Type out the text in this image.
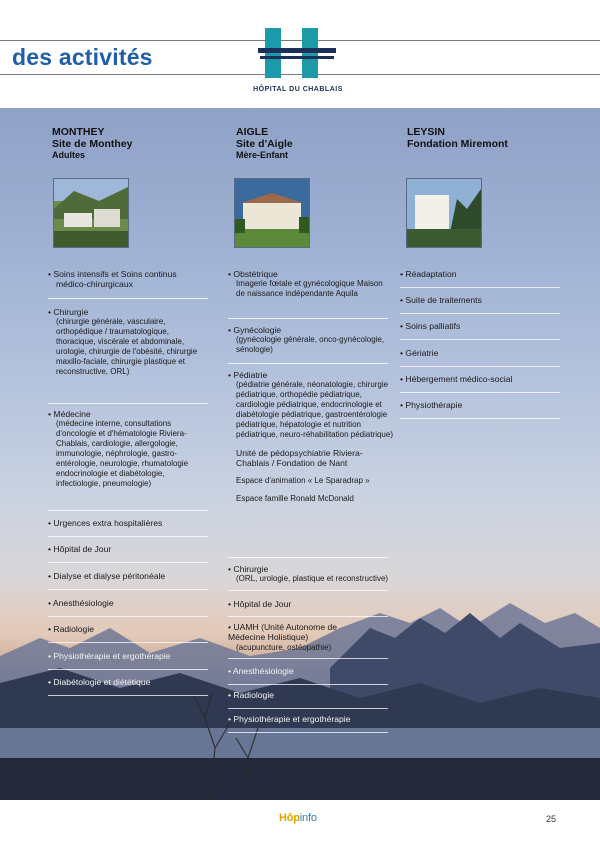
des activités
HÔPITAL DU CHABLAIS
MONTHEY
Site de Monthey
Adultes
AIGLE
Site d'Aigle
Mère-Enfant
LEYSIN
Fondation Miremont
• Soins intensifs et Soins continus
médico-chirurgicaux
• Chirurgie
(chirurgie générale, vasculaire, orthopédique / traumatologique, thoracique, viscérale et abdominale, urologie, chirurgie de l'obésité, chirurgie maxillo-faciale, chirurgie plastique et reconstructive, ORL)
• Médecine
(médecine interne, consultations d'oncologie et d'hématologie Riviera-Chablais, cardiologie, allergologie, immunologie, néphrologie, gastro-entérologie, neurologie, rhumatologie endocrinologie et diabétologie, infectiologie, pneumologie)
• Urgences extra hospitalières
• Hôpital de Jour
• Dialyse et dialyse péritonéale
• Anesthésiologie
• Radiologie
• Physiothérapie et ergothérapie
• Diabétologie et diététique
• Obstétrique
Imagerie fœtale et gynécologique Maison de naissance indépendante Aquila
• Gynécologie
(gynécologie générale, onco-gynécologie, sénologie)
• Pédiatrie
(pédiatrie générale, néonatologie, chirurgie pédiatrique, orthopédie pédiatrique, cardiologie pédiatrique, endocrinologie et diabétologie pédiatrique, gastroentérologie pédiatrique, hépatologie et nutrition pédiatrique, neuro-réhabilitation pédiatrique)
Unité de pédopsychiatrie Riviera-Chablais / Fondation de Nant
Espace d'animation « Le Sparadrap »
Espace famille Ronald McDonald
• Chirurgie
(ORL, urologie, plastique et reconstructive)
• Hôpital de Jour
• UAMH (Unité Autonome de Médecine Holistique)
(acupuncture, ostéopathie)
• Anesthésiologie
• Radiologie
• Physiothérapie et ergothérapie
• Réadaptation
• Suite de traitements
• Soins palliatifs
• Gériatrie
• Hébergement médico-social
• Physiothérapie
Hôpinfo	25
